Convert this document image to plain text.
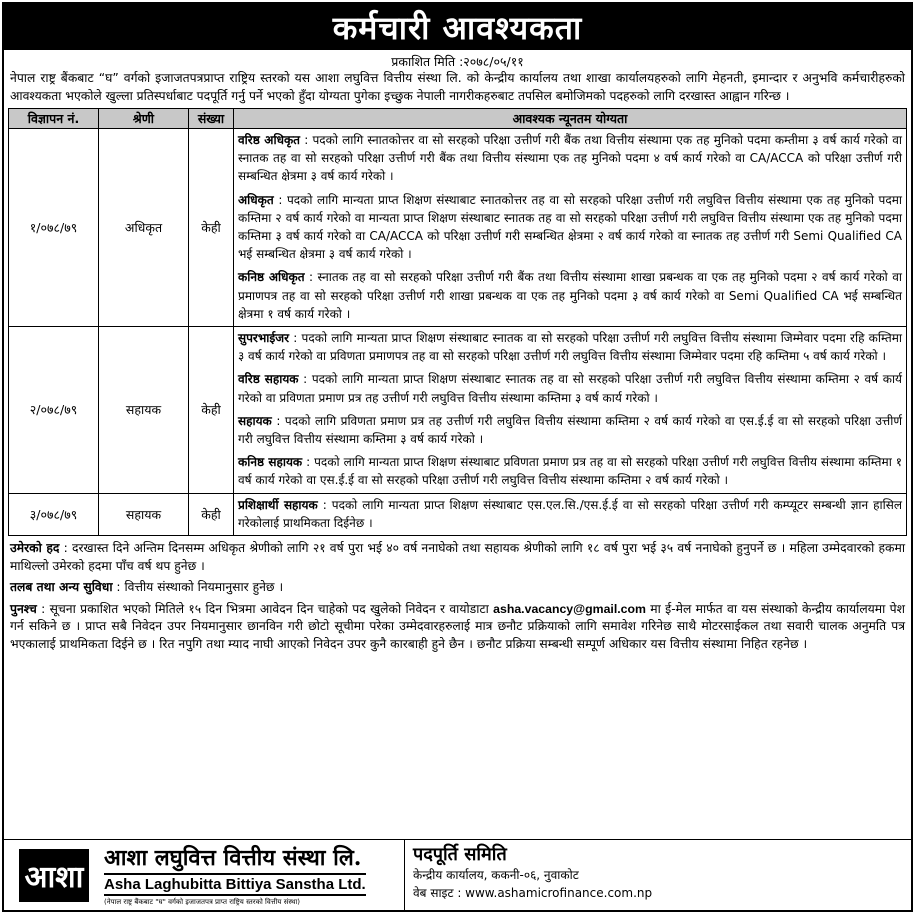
कर्मचारी आवश्यकता
प्रकाशित मिति :२०७८/०५/११
नेपाल राष्ट्र बैंकबाट “घ” वर्गको इजाजतपत्रप्राप्त राष्ट्रिय स्तरको यस आशा लघुवित्त वित्तीय संस्था लि. को केन्द्रीय कार्यालय तथा शाखा कार्यालयहरुको लागि मेहनती, इमान्दार र अनुभवि कर्मचारीहरुको आवश्यकता भएकोले खुल्ला प्रतिस्पर्धाबाट पदपूर्ति गर्नु पर्ने भएको हुँदा योग्यता पुगेका इच्छुक नेपाली नागरीकहरुबाट तपसिल बमोजिमको पदहरुको लागि दरखास्त आह्वान गरिन्छ ।
विज्ञापन नं.	श्रेणी	संख्या	आवश्यक न्यूनतम योग्यता
१/०७८/७९	अधिकृत	केही	वरिष्ठ अधिकृत : पदको लागि स्नातकोत्तर वा सो सरहको परिक्षा उत्तीर्ण गरी बैंक तथा वित्तीय संस्थामा एक तह मुनिको पदमा कम्तीमा ३ वर्ष कार्य गरेको वा स्नातक तह वा सो सरहको परिक्षा उत्तीर्ण गरी बैंक तथा वित्तीय संस्थामा एक तह मुनिको पदमा ४ वर्ष कार्य गरेको वा CA/ACCA को परिक्षा उत्तीर्ण गरी सम्बन्धित क्षेत्रमा ३ वर्ष कार्य गरेको ।

अधिकृत : पदको लागि मान्यता प्राप्त शिक्षण संस्थाबाट स्नातकोत्तर तह वा सो सरहको परिक्षा उत्तीर्ण गरी लघुवित्त वित्तीय संस्थामा एक तह मुनिको पदमा कम्तिमा २ वर्ष कार्य गरेको वा मान्यता प्राप्त शिक्षण संस्थाबाट स्नातक तह वा सो सरहको परिक्षा उत्तीर्ण गरी लघुवित्त वित्तीय संस्थामा एक तह मुनिको पदमा कम्तिमा ३ वर्ष कार्य गरेको वा CA/ACCA को परिक्षा उत्तीर्ण गरी सम्बन्धित क्षेत्रमा २ वर्ष कार्य गरेको वा स्नातक तह उत्तीर्ण गरी Semi Qualified CA भई सम्बन्धित क्षेत्रमा ३ वर्ष कार्य गरेको ।

कनिष्ठ अधिकृत : स्नातक तह वा सो सरहको परिक्षा उत्तीर्ण गरी बैंक तथा वित्तीय संस्थामा शाखा प्रबन्धक वा एक तह मुनिको पदमा २ वर्ष कार्य गरेको वा प्रमाणपत्र तह वा सो सरहको परिक्षा उत्तीर्ण गरी शाखा प्रबन्धक वा एक तह मुनिको पदमा ३ वर्ष कार्य गरेको वा Semi Qualified CA भई सम्बन्धित क्षेत्रमा १ वर्ष कार्य गरेको ।

२/०७८/७९	सहायक	केही	सुपरभाईजर : पदको लागि मान्यता प्राप्त शिक्षण संस्थाबाट स्नातक वा सो सरहको परिक्षा उत्तीर्ण गरी लघुवित्त वित्तीय संस्थामा जिम्मेवार पदमा रहि कम्तिमा ३ वर्ष कार्य गरेको वा प्रविणता प्रमाणपत्र तह वा सो सरहको परिक्षा उत्तीर्ण गरी लघुवित्त वित्तीय संस्थामा जिम्मेवार पदमा रहि कम्तिमा ५ वर्ष कार्य गरेको ।

वरिष्ठ सहायक : पदको लागि मान्यता प्राप्त शिक्षण संस्थाबाट स्नातक तह वा सो सरहको परिक्षा उत्तीर्ण गरी लघुवित्त वित्तीय संस्थामा कम्तिमा २ वर्ष कार्य गरेको वा प्रविणता प्रमाण प्रत्र तह उत्तीर्ण गरी लघुवित्त वित्तीय संस्थामा कम्तिमा ३ वर्ष कार्य गरेको ।

सहायक : पदको लागि प्रविणता प्रमाण प्रत्र तह उत्तीर्ण गरी लघुवित्त वित्तीय संस्थामा कम्तिमा २ वर्ष कार्य गरेको वा एस.ई.ई वा सो सरहको परिक्षा उत्तीर्ण गरी लघुवित्त वित्तीय संस्थामा कम्तिमा ३ वर्ष कार्य गरेको ।

कनिष्ठ सहायक : पदको लागि मान्यता प्राप्त शिक्षण संस्थाबाट प्रविणता प्रमाण प्रत्र तह वा सो सरहको परिक्षा उत्तीर्ण गरी लघुवित्त वित्तीय संस्थामा कम्तिमा १ वर्ष कार्य गरेको वा एस.ई.ई वा सो सरहको परिक्षा उत्तीर्ण गरी लघुवित्त वित्तीय संस्थामा कम्तिमा २ वर्ष कार्य गरेको ।

३/०७८/७९	सहायक	केही	प्रशिक्षार्थी सहायक : पदको लागि मान्यता प्राप्त शिक्षण संस्थाबाट एस.एल.सि./एस.ई.ई वा सो सरहको परिक्षा उत्तीर्ण गरी कम्प्यूटर सम्बन्धी ज्ञान हासिल गरेकोलाई प्राथमिकता दिईनेछ ।

उमेरको हद : दरखास्त दिने अन्तिम दिनसम्म अधिकृत श्रेणीको लागि २१ वर्ष पुरा भई ४० वर्ष ननाघेको तथा सहायक श्रेणीको लागि १८ वर्ष पुरा भई ३५ वर्ष ननाघेको हुनुपर्ने छ । महिला उम्मेदवारको हकमा माथिल्लो उमेरको हदमा पाँच वर्ष थप हुनेछ ।
तलब तथा अन्य सुविधा : वित्तीय संस्थाको नियमानुसार हुनेछ ।
पुनश्च : सूचना प्रकाशित भएको मितिले १५ दिन भित्रमा आवेदन दिन चाहेको पद खुलेको निवेदन र वायोडाटा asha.vacancy@gmail.com मा ई-मेल मार्फत वा यस संस्थाको केन्द्रीय कार्यालयमा पेश गर्न सकिने छ । प्राप्त सबै निवेदन उपर नियमानुसार छानविन गरी छोटो सूचीमा परेका उम्मेदवारहरुलाई मात्र छनौट प्रक्रियाको लागि समावेश गरिनेछ साथै मोटरसाईकल तथा सवारी चालक अनुमति पत्र भएकालाई प्राथमिकता दिईने छ । रित नपुगि तथा म्याद नाघी आएको निवेदन उपर कुनै कारबाही हुने छैन । छनौट प्रक्रिया सम्बन्धी सम्पूर्ण अधिकार यस वित्तीय संस्थामा निहित रहनेछ ।
आशा
आशा लघुवित्त वित्तीय संस्था लि.
Asha Laghubitta Bittiya Sanstha Ltd.
(नेपाल राष्ट्र बैंकबाट "घ" वर्गको इजाजतपत्र प्राप्त राष्ट्रिय स्तरको वित्तीय संस्था)
पदपूर्ति समिति
केन्द्रीय कार्यालय, ककनी-०६, नुवाकोट
वेब साइट : www.ashamicrofinance.com.np
